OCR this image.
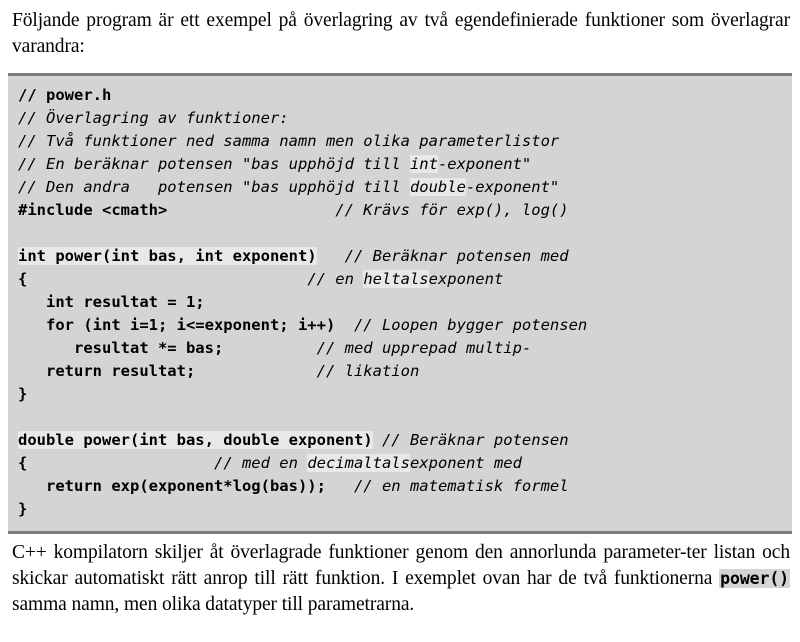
Följande program är ett exempel på överlagring av två egendefinierade funktioner som överlagrar varandra:

// power.h
// Överlagring av funktioner:
// Två funktioner ned samma namn men olika parameterlistor
// En beräknar potensen "bas upphöjd till int-exponent"
// Den andra   potensen "bas upphöjd till double-exponent"
#include <cmath>	// Krävs för exp(), log()

int power(int bas, int exponent) // Beräknar potensen med
{	// en heltalsexponent
int resultat = 1;
for (int i=1; i<=exponent; i++) // Loopen bygger potensen
resultat *= bas;	// med upprepad multip-
return resultat;	// likation
}

double power(int bas, double exponent) // Beräknar potensen
{	// med en decimaltalsexponent med
return exp(exponent*log(bas)); // en matematisk formel
}

C++ kompilatorn skiljer åt överlagrade funktioner genom den annorlunda parameter-ter listan och skickar automatiskt rätt anrop till rätt funktion. I exemplet ovan har de två funktionerna power() samma namn, men olika datatyper till parametrarna.
